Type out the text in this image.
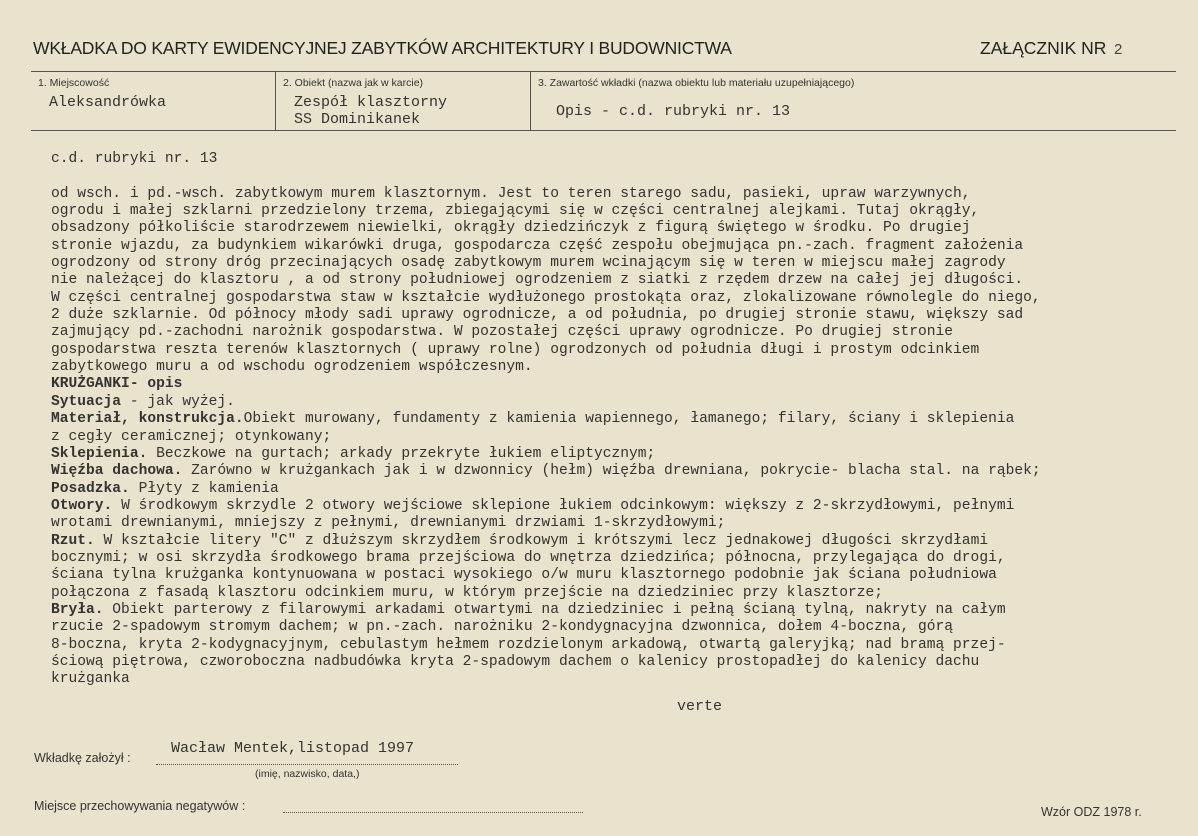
WKŁADKA DO KARTY EWIDENCYJNEJ ZABYTKÓW ARCHITEKTURY I BUDOWNICTWA	ZAŁĄCZNIK NR 2
1. Miejscowość
Aleksandrówka
2. Obiekt (nazwa jak w karcie)
Zespół klasztorny
SS Dominikanek
3. Zawartość wkładki (nazwa obiektu lub materiału uzupełniającego)
Opis - c.d. rubryki nr. 13
c.d. rubryki nr. 13
od wsch. i pd.-wsch. zabytkowym murem klasztornym. Jest to teren starego sadu, pasieki, upraw warzywnych,
ogrodu i małej szklarni przedzielony trzema, zbiegającymi się w części centralnej alejkami. Tutaj okrągły,
obsadzony półkoliście starodrzewem niewielki, okrągły dziedzińczyk z figurą świętego w środku. Po drugiej
stronie wjazdu, za budynkiem wikarówki druga, gospodarcza część zespołu obejmująca pn.-zach. fragment założenia
ogrodzony od strony dróg przecinających osadę zabytkowym murem wcinającym się w teren w miejscu małej zagrody
nie należącej do klasztoru , a od strony południowej ogrodzeniem z siatki z rzędem drzew na całej jej długości.
W części centralnej gospodarstwa staw w kształcie wydłużonego prostokąta oraz, zlokalizowane równolegle do niego,
2 duże szklarnie. Od północy młody sadi uprawy ogrodnicze, a od południa, po drugiej stronie stawu, większy sad
zajmujący pd.-zachodni narożnik gospodarstwa. W pozostałej części uprawy ogrodnicze. Po drugiej stronie
gospodarstwa reszta terenów klasztornych ( uprawy rolne) ogrodzonych od południa długi i prostym odcinkiem
zabytkowego muru a od wschodu ogrodzeniem współczesnym.
KRUŻGANKI- opis
Sytuacja - jak wyżej.
Materiał, konstrukcja.Obiekt murowany, fundamenty z kamienia wapiennego, łamanego; filary, ściany i sklepienia
z cegły ceramicznej; otynkowany;
Sklepienia. Beczkowe na gurtach; arkady przekryte łukiem eliptycznym;
Więźba dachowa. Zarówno w krużgankach jak i w dzwonnicy (hełm) więźba drewniana, pokrycie- blacha stal. na rąbek;
Posadzka. Płyty z kamienia
Otwory. W środkowym skrzydle 2 otwory wejściowe sklepione łukiem odcinkowym: większy z 2-skrzydłowymi, pełnymi
wrotami drewnianymi, mniejszy z pełnymi, drewnianymi drzwiami 1-skrzydłowymi;
Rzut. W kształcie litery "C" z dłuższym skrzydłem środkowym i krótszymi lecz jednakowej długości skrzydłami
bocznymi; w osi skrzydła środkowego brama przejściowa do wnętrza dziedzińca; północna, przylegająca do drogi,
ściana tylna krużganka kontynuowana w postaci wysokiego o/w muru klasztornego podobnie jak ściana południowa
połączona z fasadą klasztoru odcinkiem muru, w którym przejście na dziedziniec przy klasztorze;
Bryła. Obiekt parterowy z filarowymi arkadami otwartymi na dziedziniec i pełną ścianą tylną, nakryty na całym
rzucie 2-spadowym stromym dachem; w pn.-zach. narożniku 2-kondygnacyjna dzwonnica, dołem 4-boczna, górą
8-boczna, kryta 2-kodygnacyjnym, cebulastym hełmem rozdzielonym arkadową, otwartą galeryjką; nad bramą przej-
ściową piętrowa, czworoboczna nadbudówka kryta 2-spadowym dachem o kalenicy prostopadłej do kalenicy dachu
krużganka
verte
Wkładkę założył :
Wacław Mentek,listopad 1997
(imię, nazwisko, data,)
Miejsce przechowywania negatywów :	Wzór ODZ 1978 r.
